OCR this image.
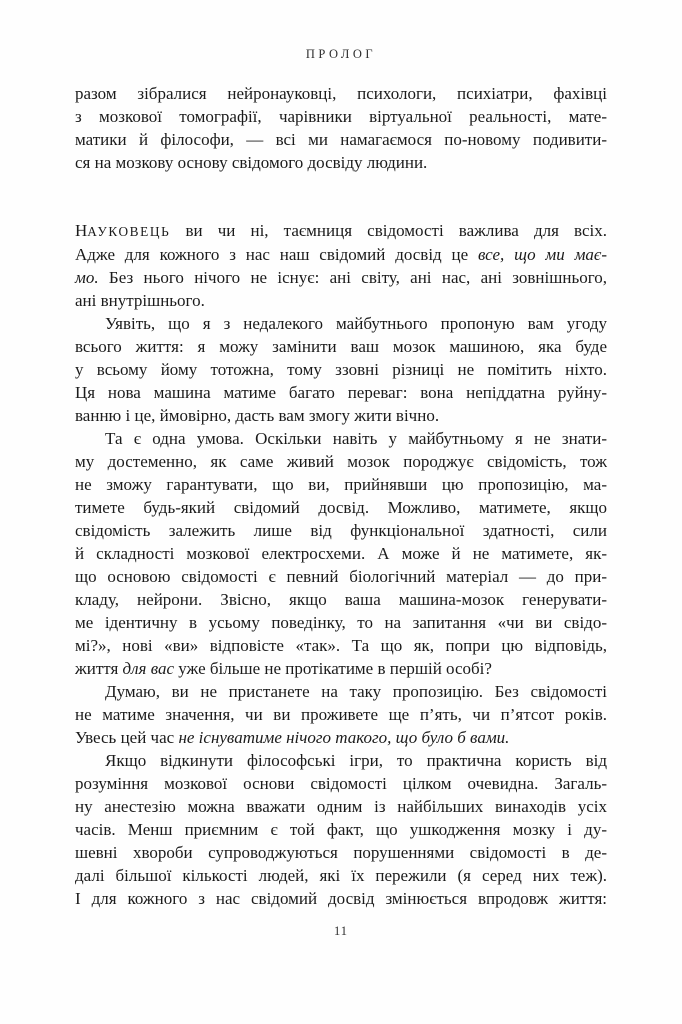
ПРОЛОГ
разом зібралися нейронауковці, психологи, психіатри, фахівці
з мозкової томографії, чарівники віртуальної реальності, мате-
матики й філософи, — всі ми намагаємося по-новому подивити-
ся на мозкову основу свідомого досвіду людини.
НАУКОВЕЦЬ ви чи ні, таємниця свідомості важлива для всіх.
Адже для кожного з нас наш свідомий досвід це все, що ми має-
мо. Без нього нічого не існує: ані світу, ані нас, ані зовнішнього,
ані внутрішнього.
Уявіть, що я з недалекого майбутнього пропоную вам угоду
всього життя: я можу замінити ваш мозок машиною, яка буде
у всьому йому тотожна, тому ззовні різниці не помітить ніхто.
Ця нова машина матиме багато переваг: вона непіддатна руйну-
ванню і це, ймовірно, дасть вам змогу жити вічно.
Та є одна умова. Оскільки навіть у майбутньому я не знати-
му достеменно, як саме живий мозок породжує свідомість, тож
не зможу гарантувати, що ви, прийнявши цю пропозицію, ма-
тимете будь-який свідомий досвід. Можливо, матимете, якщо
свідомість залежить лише від функціональної здатності, сили
й складності мозкової електросхеми. А може й не матимете, як-
що основою свідомості є певний біологічний матеріал — до при-
кладу, нейрони. Звісно, якщо ваша машина-мозок генерувати-
ме ідентичну в усьому поведінку, то на запитання «чи ви свідо-
мі?», нові «ви» відповісте «так». Та що як, попри цю відповідь,
життя для вас уже більше не протікатиме в першій особі?
Думаю, ви не пристанете на таку пропозицію. Без свідомості
не матиме значення, чи ви проживете ще п’ять, чи п’ятсот років.
Увесь цей час не існуватиме нічого такого, що було б вами.
Якщо відкинути філософські ігри, то практична користь від
розуміння мозкової основи свідомості цілком очевидна. Загаль-
ну анестезію можна вважати одним із найбільших винаходів усіх
часів. Менш приємним є той факт, що ушкодження мозку і ду-
шевні хвороби супроводжуються порушеннями свідомості в де-
далі більшої кількості людей, які їх пережили (я серед них теж).
І для кожного з нас свідомий досвід змінюється впродовж життя:
11
